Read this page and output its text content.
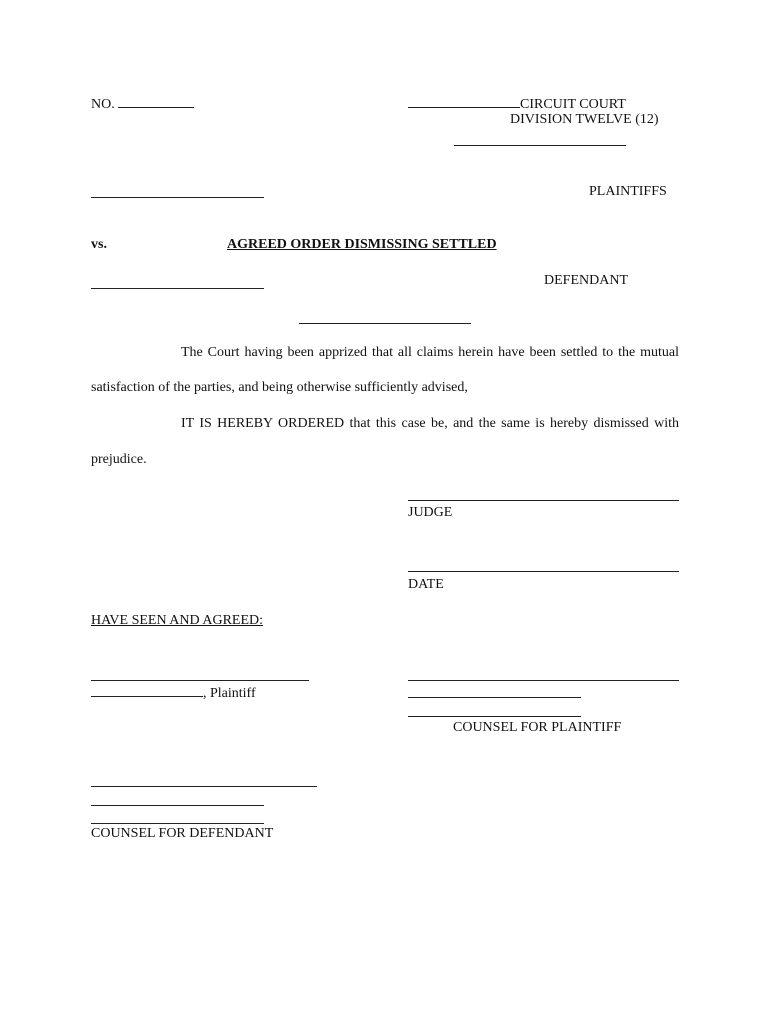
NO.	CIRCUIT COURT
DIVISION TWELVE (12)
PLAINTIFFS
vs.	AGREED ORDER DISMISSING SETTLED
DEFENDANT
The Court having been apprized that all claims herein have been settled to the mutual
satisfaction of the parties, and being otherwise sufficiently advised,
IT IS HEREBY ORDERED that this case be, and the same is hereby dismissed with
prejudice.
JUDGE
DATE
HAVE SEEN AND AGREED:
, Plaintiff
COUNSEL FOR PLAINTIFF
COUNSEL FOR DEFENDANT
